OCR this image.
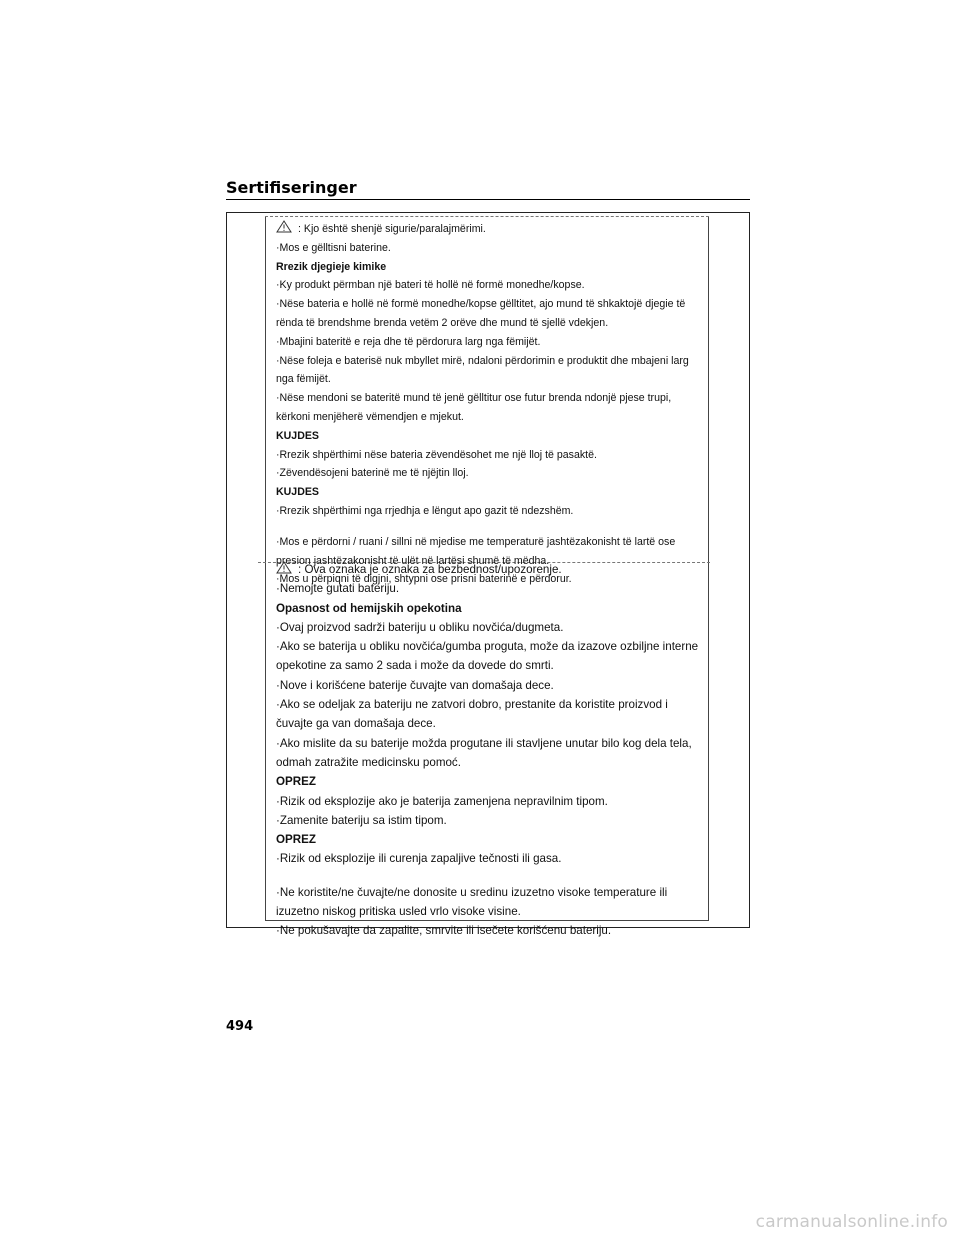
Sertifiseringer

: Kjo është shenjë sigurie/paralajmërimi.

·Mos e gëlltisni baterine.

Rrezik djegieje kimike

·Ky produkt përmban një bateri të hollë në formë monedhe/kopse.

·Nëse bateria e hollë në formë monedhe/kopse gëlltitet, ajo mund të shkaktojë djegie të rënda të brendshme brenda vetëm 2 orëve dhe mund të sjellë vdekjen.

·Mbajini bateritë e reja dhe të përdorura larg nga fëmijët.

·Nëse foleja e baterisë nuk mbyllet mirë, ndaloni përdorimin e produktit dhe mbajeni larg nga fëmijët.

·Nëse mendoni se bateritë mund të jenë gëlltitur ose futur brenda ndonjë pjese trupi, kërkoni menjëherë vëmendjen e mjekut.

KUJDES

·Rrezik shpërthimi nëse bateria zëvendësohet me një lloj të pasaktë.

·Zëvendësojeni baterinë me të njëjtin lloj.

KUJDES

·Rrezik shpërthimi nga rrjedhja e lëngut apo gazit të ndezshëm.

·Mos e përdorni / ruani / sillni në mjedise me temperaturë jashtëzakonisht të lartë ose presion jashtëzakonisht të ulët në lartësi shumë të mëdha.

·Mos u përpiqni të digjni, shtypni ose prisni baterinë e përdorur.

: Ova oznaka je oznaka za bezbednost/upozorenje.

·Nemojte gutati bateriju.

Opasnost od hemijskih opekotina

·Ovaj proizvod sadrži bateriju u obliku novčića/dugmeta.

·Ako se baterija u obliku novčića/gumba proguta, može da izazove ozbiljne interne opekotine za samo 2 sada i može da dovede do smrti.

·Nove i korišćene baterije čuvajte van domašaja dece.

·Ako se odeljak za bateriju ne zatvori dobro, prestanite da koristite proizvod i čuvajte ga van domašaja dece.

·Ako mislite da su baterije možda progutane ili stavljene unutar bilo kog dela tela, odmah zatražite medicinsku pomoć.

OPREZ

·Rizik od eksplozije ako je baterija zamenjena nepravilnim tipom.

·Zamenite bateriju sa istim tipom.

OPREZ

·Rizik od eksplozije ili curenja zapaljive tečnosti ili gasa.

·Ne koristite/ne čuvajte/ne donosite u sredinu izuzetno visoke temperature ili izuzetno niskog pritiska usled vrlo visoke visine.

·Ne pokušavajte da zapalite, smrvite ili isečete korišćenu bateriju.

494

carmanualsonline.info
